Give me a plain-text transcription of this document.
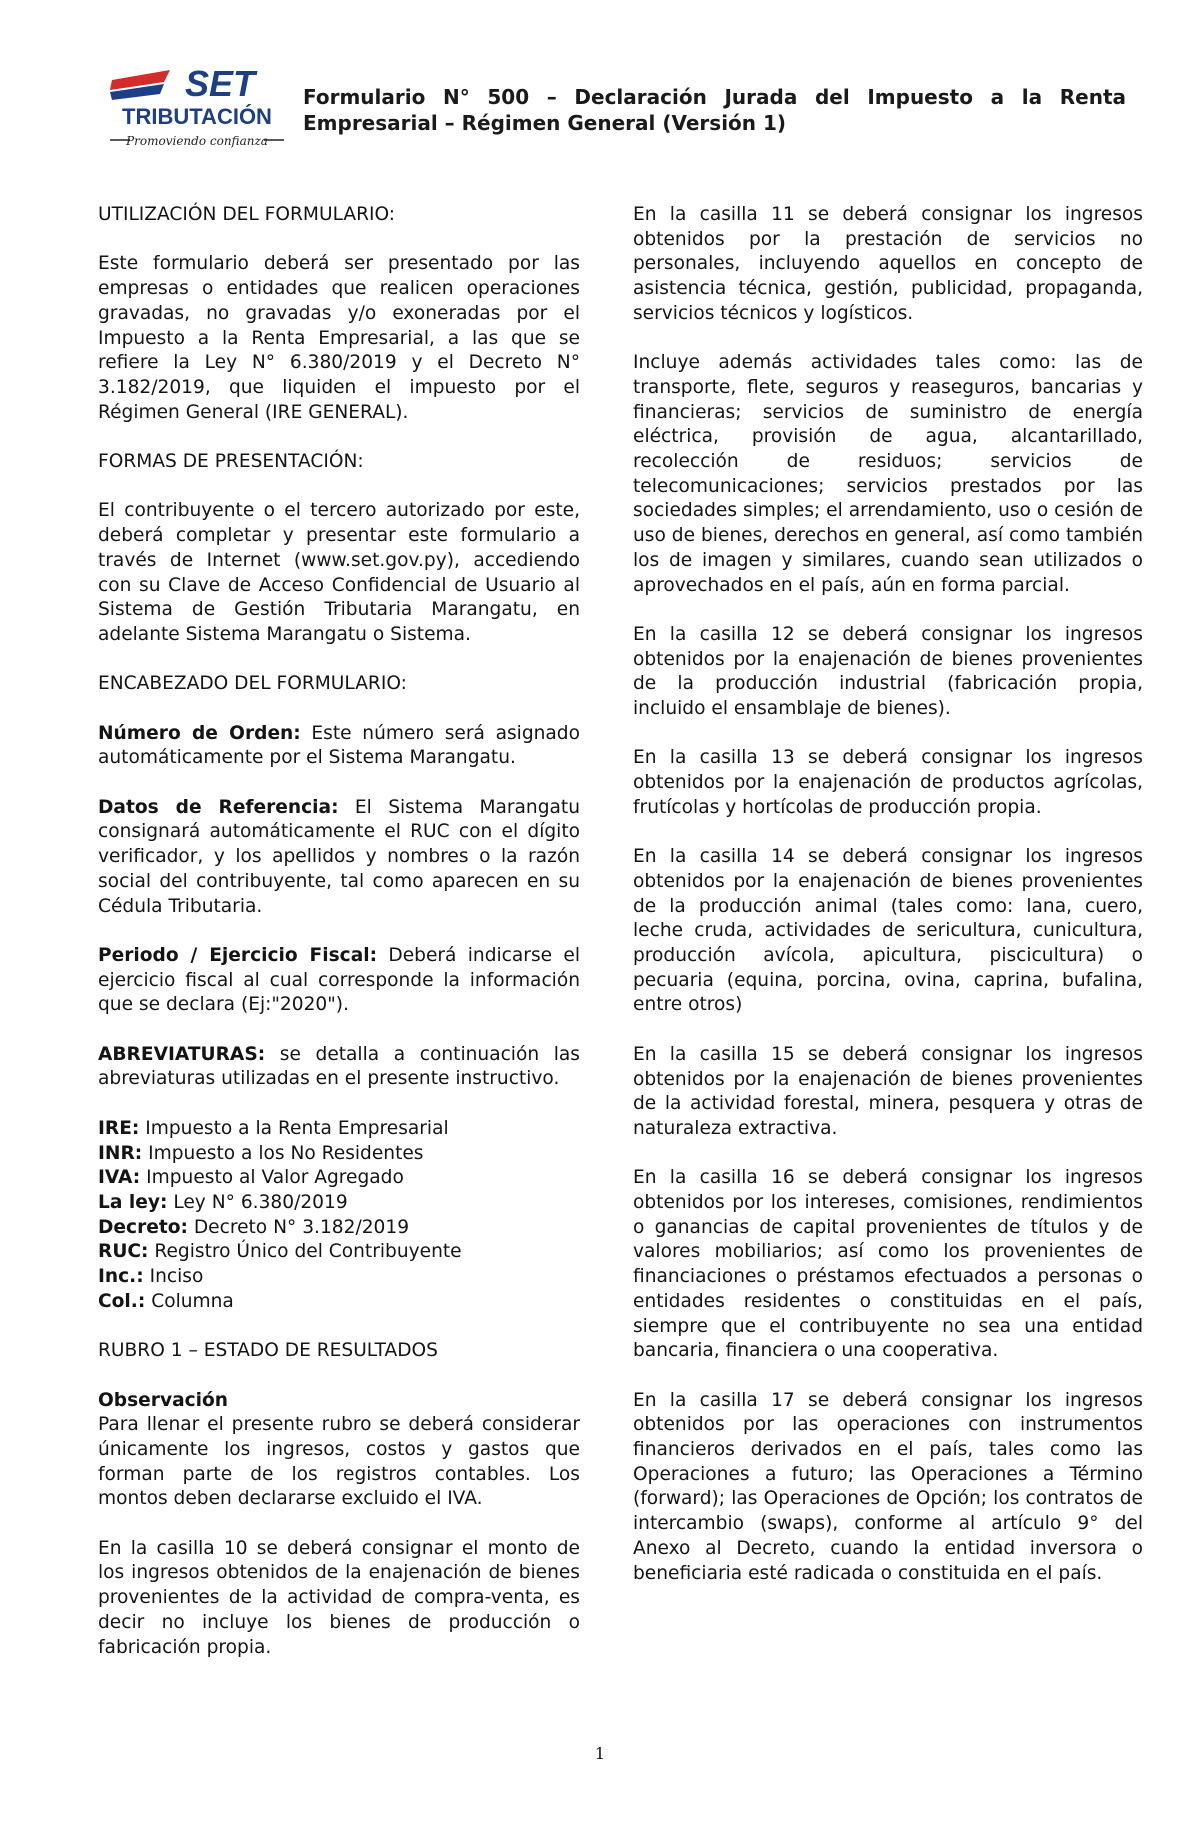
SET
TRIBUTACIÓN
Promoviendo confianza
Formulario N° 500 – Declaración Jurada del Impuesto a la Renta Empresarial – Régimen General (Versión 1)
UTILIZACIÓN DEL FORMULARIO:

Este formulario deberá ser presentado por las empresas o entidades que realicen operaciones gravadas, no gravadas y/o exoneradas por el Impuesto a la Renta Empresarial, a las que se refiere la Ley N° 6.380/2019 y el Decreto N° 3.182/2019, que liquiden el impuesto por el Régimen General (IRE GENERAL).

FORMAS DE PRESENTACIÓN:

El contribuyente o el tercero autorizado por este, deberá completar y presentar este formulario a través de Internet (www.set.gov.py), accediendo con su Clave de Acceso Confidencial de Usuario al Sistema de Gestión Tributaria Marangatu, en adelante Sistema Marangatu o Sistema.

ENCABEZADO DEL FORMULARIO:

Número de Orden: Este número será asignado automáticamente por el Sistema Marangatu.

Datos de Referencia: El Sistema Marangatu consignará automáticamente el RUC con el dígito verificador, y los apellidos y nombres o la razón social del contribuyente, tal como aparecen en su Cédula Tributaria.

Periodo / Ejercicio Fiscal: Deberá indicarse el ejercicio fiscal al cual corresponde la información que se declara (Ej:"2020").

ABREVIATURAS: se detalla a continuación las abreviaturas utilizadas en el presente instructivo.

IRE: Impuesto a la Renta Empresarial
INR: Impuesto a los No Residentes
IVA: Impuesto al Valor Agregado
La ley: Ley N° 6.380/2019
Decreto: Decreto N° 3.182/2019
RUC: Registro Único del Contribuyente
Inc.: Inciso
Col.: Columna
RUBRO 1 – ESTADO DE RESULTADOS
Observación

Para llenar el presente rubro se deberá considerar únicamente los ingresos, costos y gastos que forman parte de los registros contables. Los montos deben declararse excluido el IVA.

En la casilla 10 se deberá consignar el monto de los ingresos obtenidos de la enajenación de bienes provenientes de la actividad de compra-venta, es decir no incluye los bienes de producción o fabricación propia.

En la casilla 11 se deberá consignar los ingresos obtenidos por la prestación de servicios no personales, incluyendo aquellos en concepto de asistencia técnica, gestión, publicidad, propaganda, servicios técnicos y logísticos.

Incluye además actividades tales como: las de transporte, flete, seguros y reaseguros, bancarias y financieras; servicios de suministro de energía eléctrica, provisión de agua, alcantarillado, recolección de residuos; servicios de telecomunicaciones; servicios prestados por las sociedades simples; el arrendamiento, uso o cesión de uso de bienes, derechos en general, así como también los de imagen y similares, cuando sean utilizados o aprovechados en el país, aún en forma parcial.

En la casilla 12 se deberá consignar los ingresos obtenidos por la enajenación de bienes provenientes de la producción industrial (fabricación propia, incluido el ensamblaje de bienes).

En la casilla 13 se deberá consignar los ingresos obtenidos por la enajenación de productos agrícolas, frutícolas y hortícolas de producción propia.

En la casilla 14 se deberá consignar los ingresos obtenidos por la enajenación de bienes provenientes de la producción animal (tales como: lana, cuero, leche cruda, actividades de sericultura, cunicultura, producción avícola, apicultura, piscicultura) o pecuaria (equina, porcina, ovina, caprina, bufalina, entre otros)

En la casilla 15 se deberá consignar los ingresos obtenidos por la enajenación de bienes provenientes de la actividad forestal, minera, pesquera y otras de naturaleza extractiva.

En la casilla 16 se deberá consignar los ingresos obtenidos por los intereses, comisiones, rendimientos o ganancias de capital provenientes de títulos y de valores mobiliarios; así como los provenientes de financiaciones o préstamos efectuados a personas o entidades residentes o constituidas en el país, siempre que el contribuyente no sea una entidad bancaria, financiera o una cooperativa.

En la casilla 17 se deberá consignar los ingresos obtenidos por las operaciones con instrumentos financieros derivados en el país, tales como las Operaciones a futuro; las Operaciones a Término (forward); las Operaciones de Opción; los contratos de intercambio (swaps), conforme al artículo 9° del Anexo al Decreto, cuando la entidad inversora o beneficiaria esté radicada o constituida en el país.

1
